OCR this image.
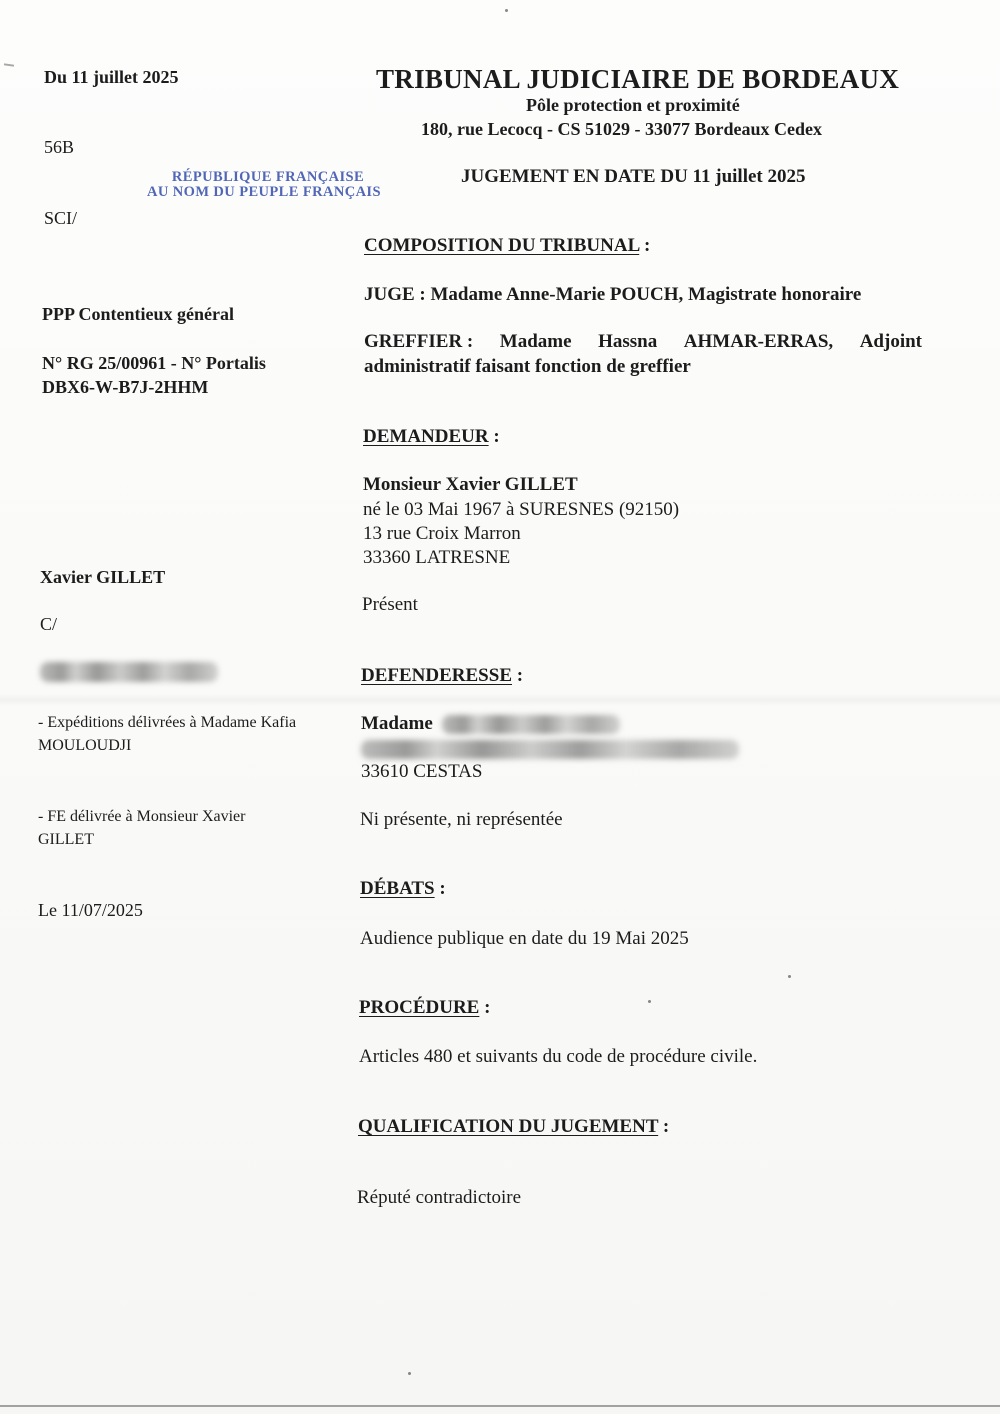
TRIBUNAL JUDICIAIRE DE BORDEAUX
Pôle protection et proximité
180, rue Lecocq - CS 51029 - 33077 Bordeaux Cedex
JUGEMENT EN DATE DU 11 juillet 2025
RÉPUBLIQUE FRANÇAISE
AU NOM DU PEUPLE FRANÇAIS
Du 11 juillet 2025
56B
SCI/
PPP Contentieux général
N° RG 25/00961 - N° Portalis
DBX6-W-B7J-2HHM
Xavier GILLET
C/
- Expéditions délivrées à Madame Kafia
MOULOUDJI
- FE délivrée à Monsieur Xavier
GILLET
Le 11/07/2025
COMPOSITION DU TRIBUNAL :
JUGE : Madame Anne-Marie POUCH, Magistrate honoraire
GREFFIER : Madame Hassna AHMAR-ERRAS, Adjoint
administratif faisant fonction de greffier
DEMANDEUR :
Monsieur Xavier GILLET
né le 03 Mai 1967 à SURESNES (92150)
13 rue Croix Marron
33360 LATRESNE
Présent
DEFENDERESSE :
Madame
33610 CESTAS
Ni présente, ni représentée
DÉBATS :
Audience publique en date du 19 Mai 2025
PROCÉDURE :
Articles 480 et suivants du code de procédure civile.
QUALIFICATION DU JUGEMENT :
Réputé contradictoire
